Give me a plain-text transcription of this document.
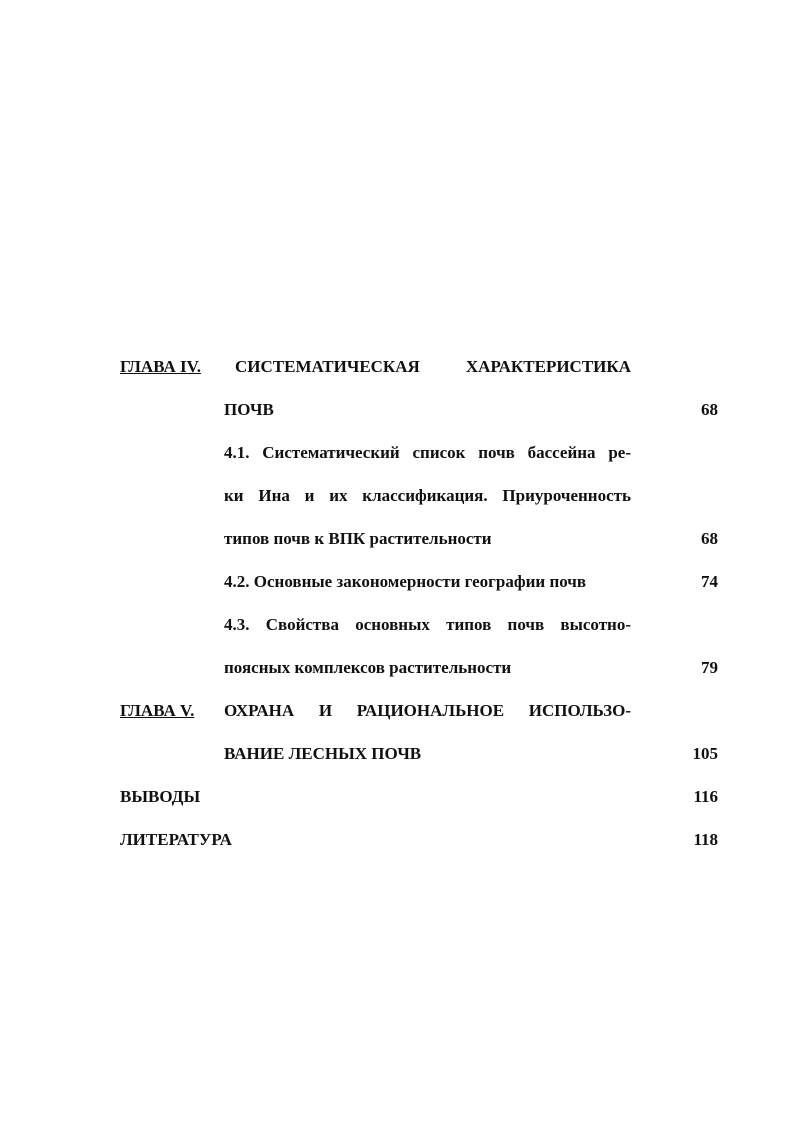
ГЛАВА IV. СИСТЕМАТИЧЕСКАЯ ХАРАКТЕРИСТИКА
ПОЧВ	68
4.1. Систематический список почв бассейна ре-
ки Ина и их классификация. Приуроченность
типов почв к ВПК растительности	68
4.2. Основные закономерности географии почв	74
4.3. Свойства основных типов почв высотно-
поясных комплексов растительности	79
ГЛАВА V. ОХРАНА И РАЦИОНАЛЬНОЕ ИСПОЛЬЗО-
ВАНИЕ ЛЕСНЫХ ПОЧВ	105
ВЫВОДЫ	116
ЛИТЕРАТУРА	118
